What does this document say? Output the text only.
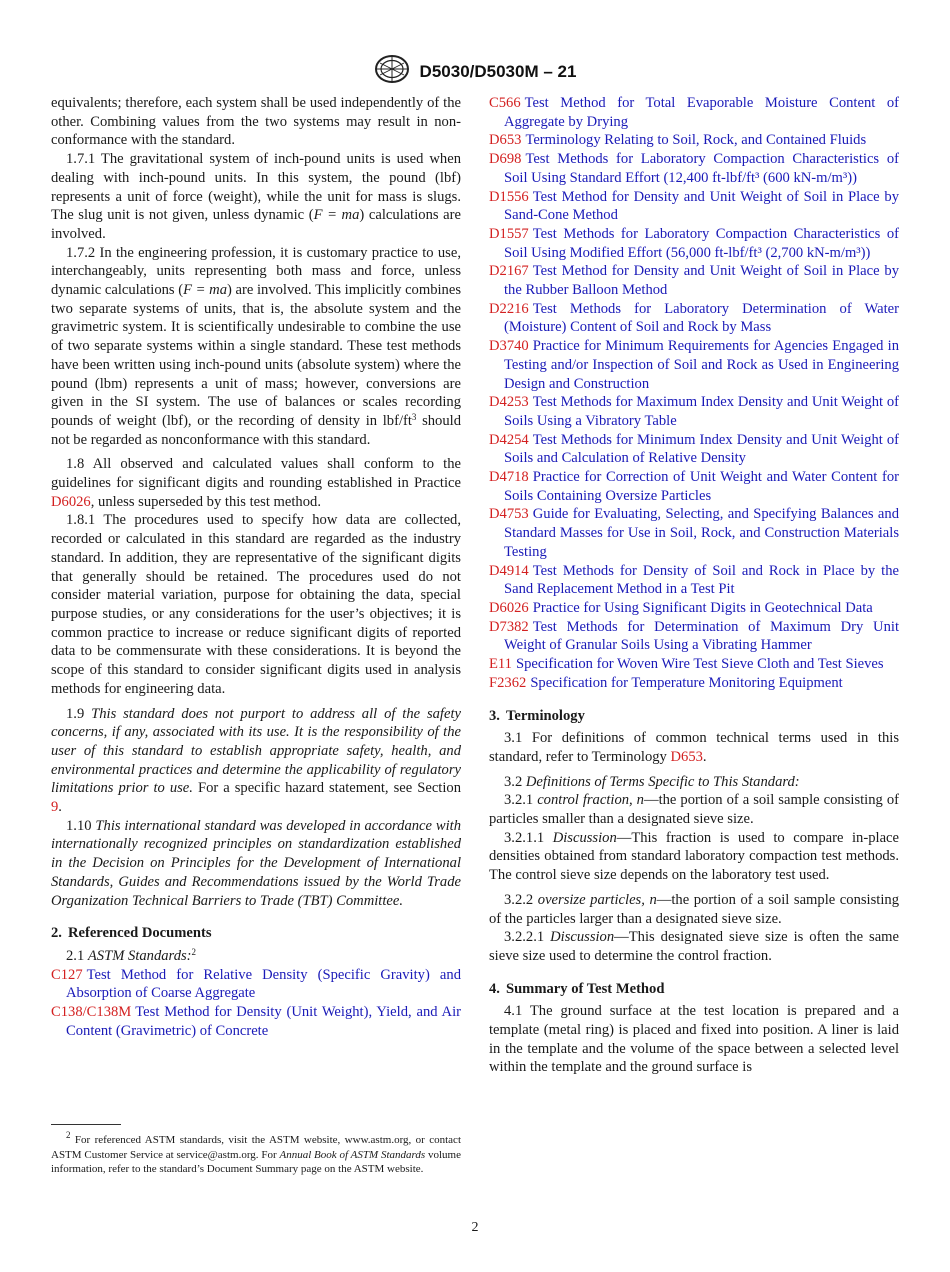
D5030/D5030M – 21

equivalents; therefore, each system shall be used independently of the other. Combining values from the two systems may result in non-conformance with the standard.

1.7.1 The gravitational system of inch-pound units is used when dealing with inch-pound units. In this system, the pound (lbf) represents a unit of force (weight), while the unit for mass is slugs. The slug unit is not given, unless dynamic (F = ma) calculations are involved.

1.7.2 In the engineering profession, it is customary practice to use, interchangeably, units representing both mass and force, unless dynamic calculations (F = ma) are involved. This implicitly combines two separate systems of units, that is, the absolute system and the gravimetric system. It is scientifically undesirable to combine the use of two separate systems within a single standard. These test methods have been written using inch-pound units (absolute system) where the pound (lbm) represents a unit of mass; however, conversions are given in the SI system. The use of balances or scales recording pounds of weight (lbf), or the recording of density in lbf/$ft^3$ should not be regarded as nonconformance with this standard.

1.8 All observed and calculated values shall conform to the guidelines for significant digits and rounding established in Practice D6026, unless superseded by this test method.

1.8.1 The procedures used to specify how data are collected, recorded or calculated in this standard are regarded as the industry standard. In addition, they are representative of the significant digits that generally should be retained. The procedures used do not consider material variation, purpose for obtaining the data, special purpose studies, or any considerations for the user’s objectives; it is common practice to increase or reduce significant digits of reported data to be commensurate with these considerations. It is beyond the scope of this standard to consider significant digits used in analysis methods for engineering data.

1.9 This standard does not purport to address all of the safety concerns, if any, associated with its use. It is the responsibility of the user of this standard to establish appropriate safety, health, and environmental practices and determine the applicability of regulatory limitations prior to use. For a specific hazard statement, see Section 9.

1.10 This international standard was developed in accordance with internationally recognized principles on standardization established in the Decision on Principles for the Development of International Standards, Guides and Recommendations issued by the World Trade Organization Technical Barriers to Trade (TBT) Committee.

2. Referenced Documents

2.1 ASTM Standards:$^2$

C127 Test Method for Relative Density (Specific Gravity) and Absorption of Coarse Aggregate

C138/C138M Test Method for Density (Unit Weight), Yield, and Air Content (Gravimetric) of Concrete

C566 Test Method for Total Evaporable Moisture Content of Aggregate by Drying

D653 Terminology Relating to Soil, Rock, and Contained Fluids

D698 Test Methods for Laboratory Compaction Characteristics of Soil Using Standard Effort (12,400 ft-lbf/ft³ (600 kN-m/m³))

D1556 Test Method for Density and Unit Weight of Soil in Place by Sand-Cone Method

D1557 Test Methods for Laboratory Compaction Characteristics of Soil Using Modified Effort (56,000 ft-lbf/ft³ (2,700 kN-m/m³))

D2167 Test Method for Density and Unit Weight of Soil in Place by the Rubber Balloon Method

D2216 Test Methods for Laboratory Determination of Water (Moisture) Content of Soil and Rock by Mass

D3740 Practice for Minimum Requirements for Agencies Engaged in Testing and/or Inspection of Soil and Rock as Used in Engineering Design and Construction

D4253 Test Methods for Maximum Index Density and Unit Weight of Soils Using a Vibratory Table

D4254 Test Methods for Minimum Index Density and Unit Weight of Soils and Calculation of Relative Density

D4718 Practice for Correction of Unit Weight and Water Content for Soils Containing Oversize Particles

D4753 Guide for Evaluating, Selecting, and Specifying Balances and Standard Masses for Use in Soil, Rock, and Construction Materials Testing

D4914 Test Methods for Density of Soil and Rock in Place by the Sand Replacement Method in a Test Pit

D6026 Practice for Using Significant Digits in Geotechnical Data

D7382 Test Methods for Determination of Maximum Dry Unit Weight of Granular Soils Using a Vibrating Hammer

E11 Specification for Woven Wire Test Sieve Cloth and Test Sieves

F2362 Specification for Temperature Monitoring Equipment

3. Terminology

3.1 For definitions of common technical terms used in this standard, refer to Terminology D653.

3.2 Definitions of Terms Specific to This Standard:

3.2.1 control fraction, n—the portion of a soil sample consisting of particles smaller than a designated sieve size.

3.2.1.1 Discussion—This fraction is used to compare in-place densities obtained from standard laboratory compaction test methods. The control sieve size depends on the laboratory test used.

3.2.2 oversize particles, n—the portion of a soil sample consisting of the particles larger than a designated sieve size.

3.2.2.1 Discussion—This designated sieve size is often the same sieve size used to determine the control fraction.

4. Summary of Test Method

4.1 The ground surface at the test location is prepared and a template (metal ring) is placed and fixed into position. A liner is laid in the template and the volume of the space between a selected level within the template and the ground surface is

$^2$ For referenced ASTM standards, visit the ASTM website, www.astm.org, or contact ASTM Customer Service at service@astm.org. For Annual Book of ASTM Standards volume information, refer to the standard’s Document Summary page on the ASTM website.

2
